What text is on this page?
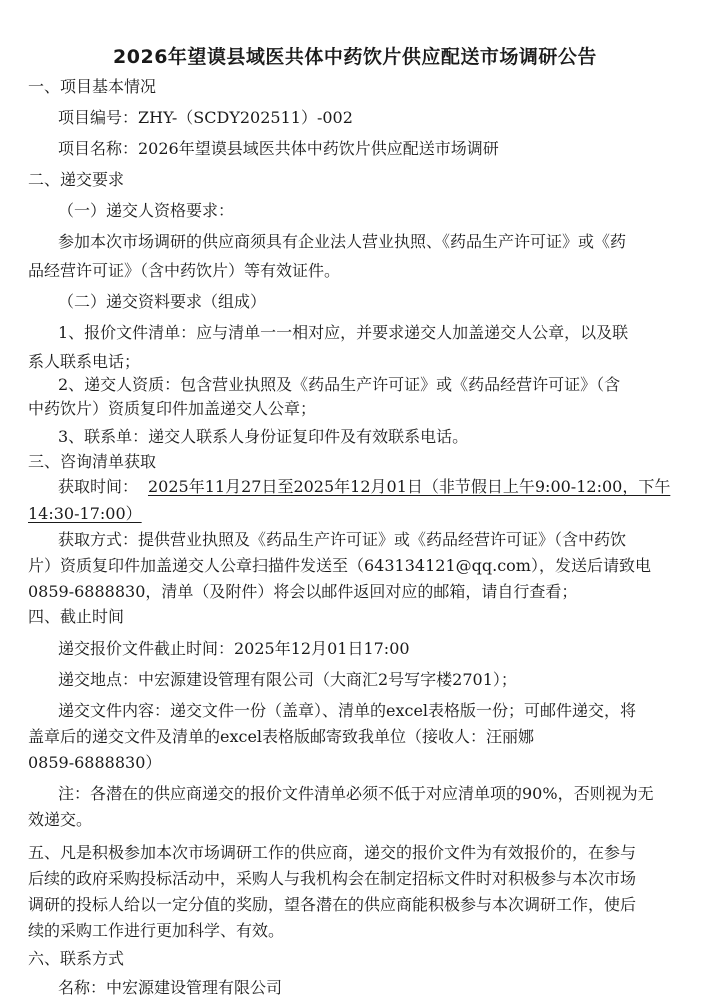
2026年望谟县域医共体中药饮片供应配送市场调研公告
一、项目基本情况
项目编号：ZHY-（SCDY202511）-002
项目名称：2026年望谟县域医共体中药饮片供应配送市场调研
二、递交要求
（一）递交人资格要求：
参加本次市场调研的供应商须具有企业法人营业执照、《药品生产许可证》或《药
品经营许可证》（含中药饮片）等有效证件。
（二）递交资料要求（组成）
1、报价文件清单：应与清单一一相对应，并要求递交人加盖递交人公章，以及联
系人联系电话；
2、递交人资质：包含营业执照及《药品生产许可证》或《药品经营许可证》（含
中药饮片）资质复印件加盖递交人公章；
3、联系单：递交人联系人身份证复印件及有效联系电话。
三、咨询清单获取
获取时间： 2025年11月27日至2025年12月01日（非节假日上午9:00-12:00，下午
14:30-17:00）
获取方式：提供营业执照及《药品生产许可证》或《药品经营许可证》（含中药饮
片）资质复印件加盖递交人公章扫描件发送至（643134121@qq.com），发送后请致电
0859-6888830，清单（及附件）将会以邮件返回对应的邮箱，请自行查看；
四、截止时间
递交报价文件截止时间：2025年12月01日17:00
递交地点：中宏源建设管理有限公司（大商汇2号写字楼2701）；
递交文件内容：递交文件一份（盖章）、清单的excel表格版一份；可邮件递交，将
盖章后的递交文件及清单的excel表格版邮寄致我单位（接收人：汪丽娜
0859-6888830）
注：各潜在的供应商递交的报价文件清单必须不低于对应清单项的90%，否则视为无
效递交。
五、凡是积极参加本次市场调研工作的供应商，递交的报价文件为有效报价的，在参与
后续的政府采购投标活动中，采购人与我机构会在制定招标文件时对积极参与本次市场
调研的投标人给以一定分值的奖励，望各潜在的供应商能积极参与本次调研工作，使后
续的采购工作进行更加科学、有效。
六、联系方式
名称：中宏源建设管理有限公司
